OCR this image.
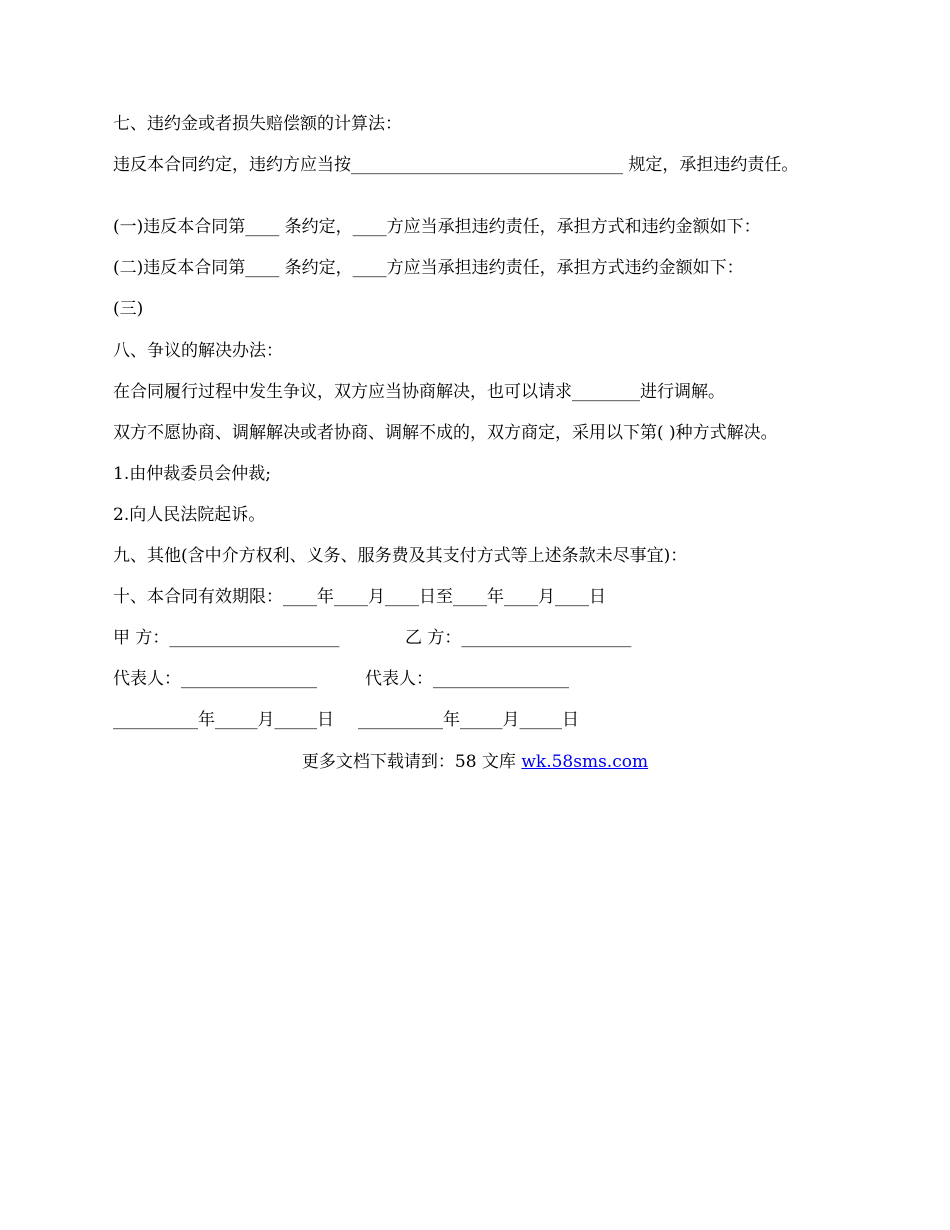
七、违约金或者损失赔偿额的计算法：
违反本合同约定，违约方应当按________________________________ 规定，承担违约责任。
(一)违反本合同第____ 条约定，____方应当承担违约责任，承担方式和违约金额如下：
(二)违反本合同第____ 条约定，____方应当承担违约责任，承担方式违约金额如下：
(三)
八、争议的解决办法：
在合同履行过程中发生争议，双方应当协商解决，也可以请求________进行调解。
双方不愿协商、调解解决或者协商、调解不成的，双方商定，采用以下第( )种方式解决。
1.由仲裁委员会仲裁;
2.向人民法院起诉。
九、其他(含中介方权利、义务、服务费及其支付方式等上述条款未尽事宜)：
十、本合同有效期限：____年____月____日至____年____月____日
甲 方：____________________	乙 方：____________________
代表人：________________	代表人：________________
__________年_____月_____日	__________年_____月_____日
更多文档下载请到：58 文库 wk.58sms.com
